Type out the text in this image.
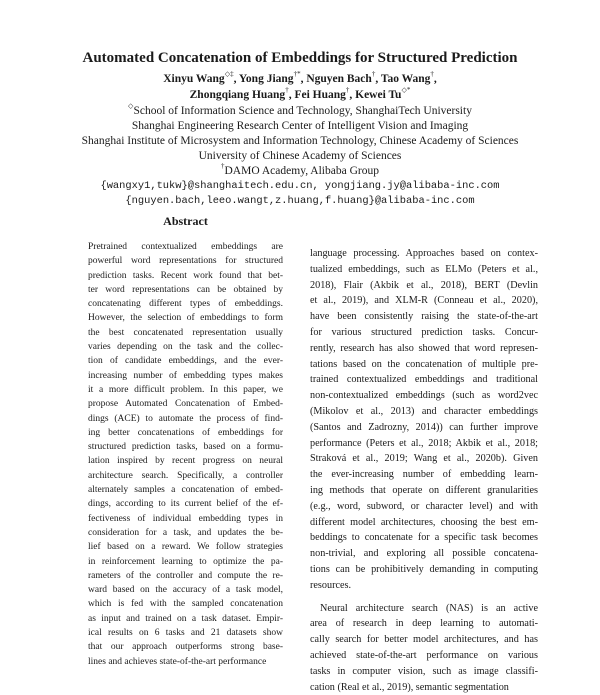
Automated Concatenation of Embeddings for Structured Prediction

Xinyu Wang◇‡, Yong Jiang†*, Nguyen Bach†, Tao Wang†,

Zhongqiang Huang†, Fei Huang†, Kewei Tu◇*

◇School of Information Science and Technology, ShanghaiTech University

Shanghai Engineering Research Center of Intelligent Vision and Imaging

Shanghai Institute of Microsystem and Information Technology, Chinese Academy of Sciences

University of Chinese Academy of Sciences

†DAMO Academy, Alibaba Group

{wangxy1,tukw}@shanghaitech.edu.cn, yongjiang.jy@alibaba-inc.com

{nguyen.bach,leeo.wangt,z.huang,f.huang}@alibaba-inc.com

Abstract
Pretrained contextualized embeddings are
powerful word representations for structured
prediction tasks. Recent work found that bet-
ter word representations can be obtained by
concatenating different types of embeddings.
However, the selection of embeddings to form
the best concatenated representation usually
varies depending on the task and the collec-
tion of candidate embeddings, and the ever-
increasing number of embedding types makes
it a more difficult problem. In this paper, we
propose Automated Concatenation of Embed-
dings (ACE) to automate the process of find-
ing better concatenations of embeddings for
structured prediction tasks, based on a formu-
lation inspired by recent progress on neural
architecture search. Specifically, a controller
alternately samples a concatenation of embed-
dings, according to its current belief of the ef-
fectiveness of individual embedding types in
consideration for a task, and updates the be-
lief based on a reward. We follow strategies
in reinforcement learning to optimize the pa-
rameters of the controller and compute the re-
ward based on the accuracy of a task model,
which is fed with the sampled concatenation
as input and trained on a task dataset. Empir-
ical results on 6 tasks and 21 datasets show
that our approach outperforms strong base-
lines and achieves state-of-the-art performance
language processing. Approaches based on contex-
tualized embeddings, such as ELMo (Peters et al.,
2018), Flair (Akbik et al., 2018), BERT (Devlin
et al., 2019), and XLM-R (Conneau et al., 2020),
have been consistently raising the state-of-the-art
for various structured prediction tasks. Concur-
rently, research has also showed that word represen-
tations based on the concatenation of multiple pre-
trained contextualized embeddings and traditional
non-contextualized embeddings (such as word2vec
(Mikolov et al., 2013) and character embeddings
(Santos and Zadrozny, 2014)) can further improve
performance (Peters et al., 2018; Akbik et al., 2018;
Straková et al., 2019; Wang et al., 2020b). Given
the ever-increasing number of embedding learn-
ing methods that operate on different granularities
(e.g., word, subword, or character level) and with
different model architectures, choosing the best em-
beddings to concatenate for a specific task becomes
non-trivial, and exploring all possible concatena-
tions can be prohibitively demanding in computing
resources.
Neural architecture search (NAS) is an active
area of research in deep learning to automati-
cally search for better model architectures, and has
achieved state-of-the-art performance on various
tasks in computer vision, such as image classifi-
cation (Real et al., 2019), semantic segmentation
